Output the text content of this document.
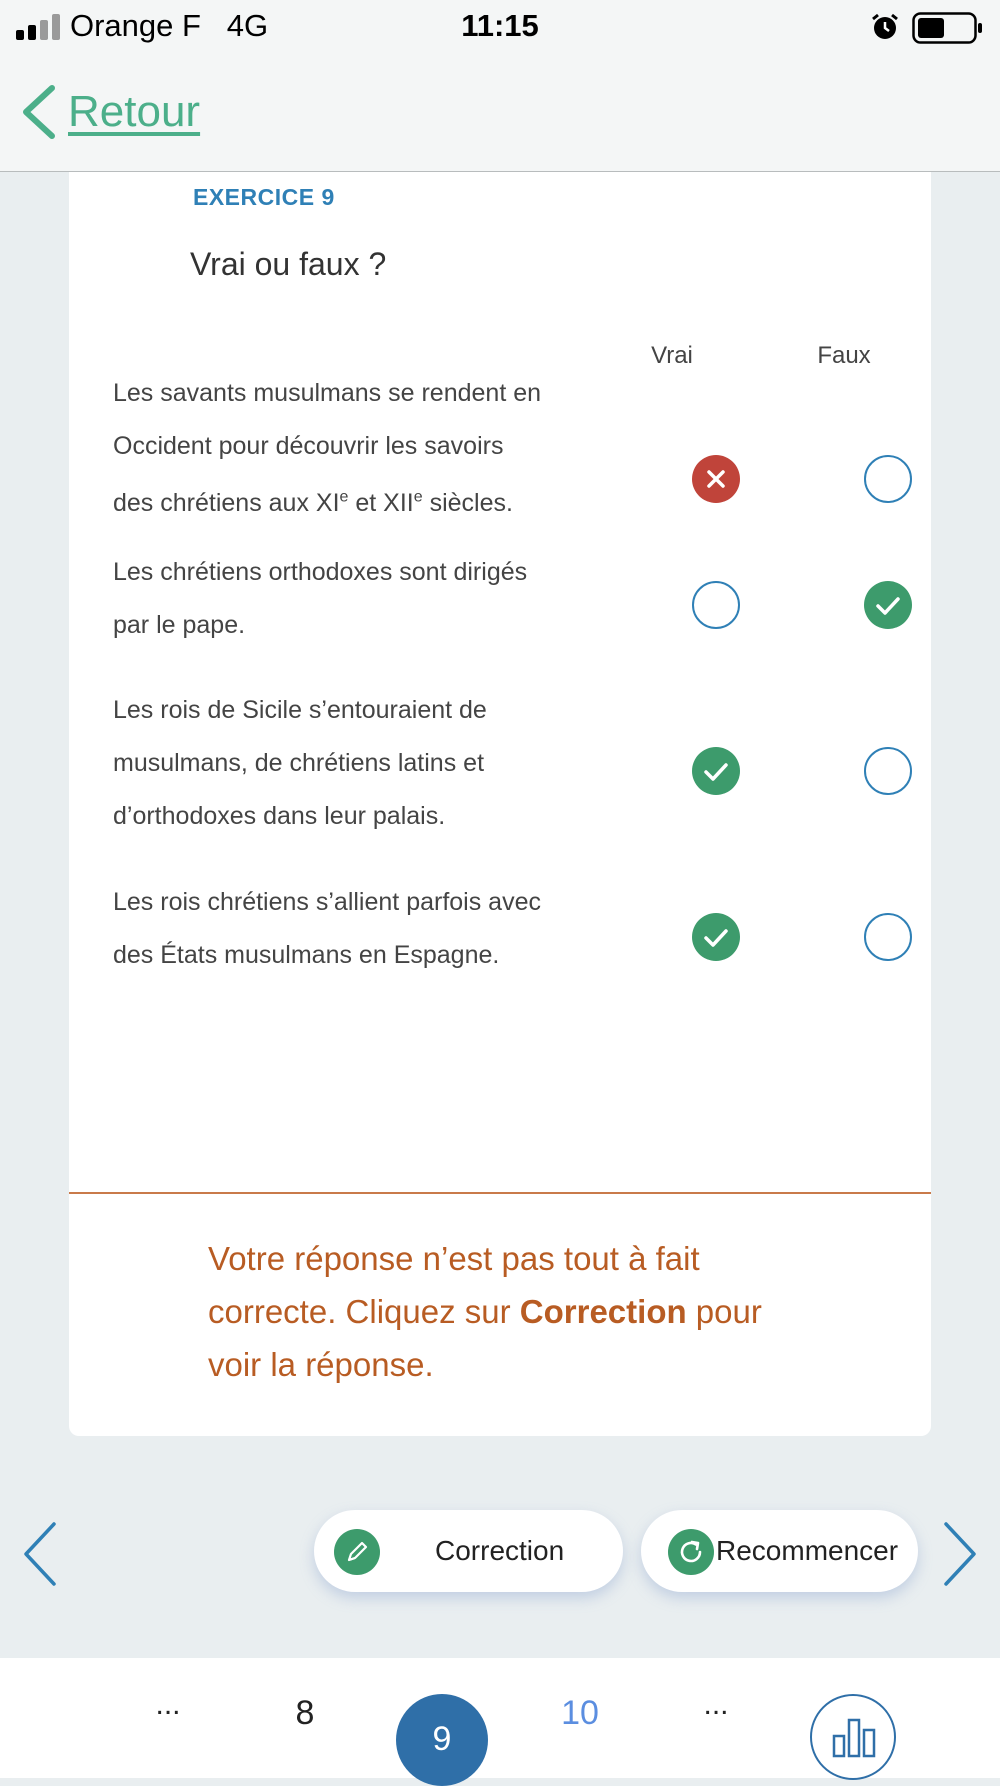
Orange F 4G	11:15
Retour
EXERCICE 9
Vrai ou faux ?
Vrai	Faux
Les savants musulmans se rendent en
Occident pour découvrir les savoirs
des chrétiens aux XIe et XIIe siècles.
Les chrétiens orthodoxes sont dirigés
par le pape.
Les rois de Sicile s’entouraient de
musulmans, de chrétiens latins et
d’orthodoxes dans leur palais.
Les rois chrétiens s’allient parfois avec
des États musulmans en Espagne.
Votre réponse n’est pas tout à fait
correcte. Cliquez sur Correction pour
voir la réponse.
Correction	Recommencer
...	8
9
10	...
